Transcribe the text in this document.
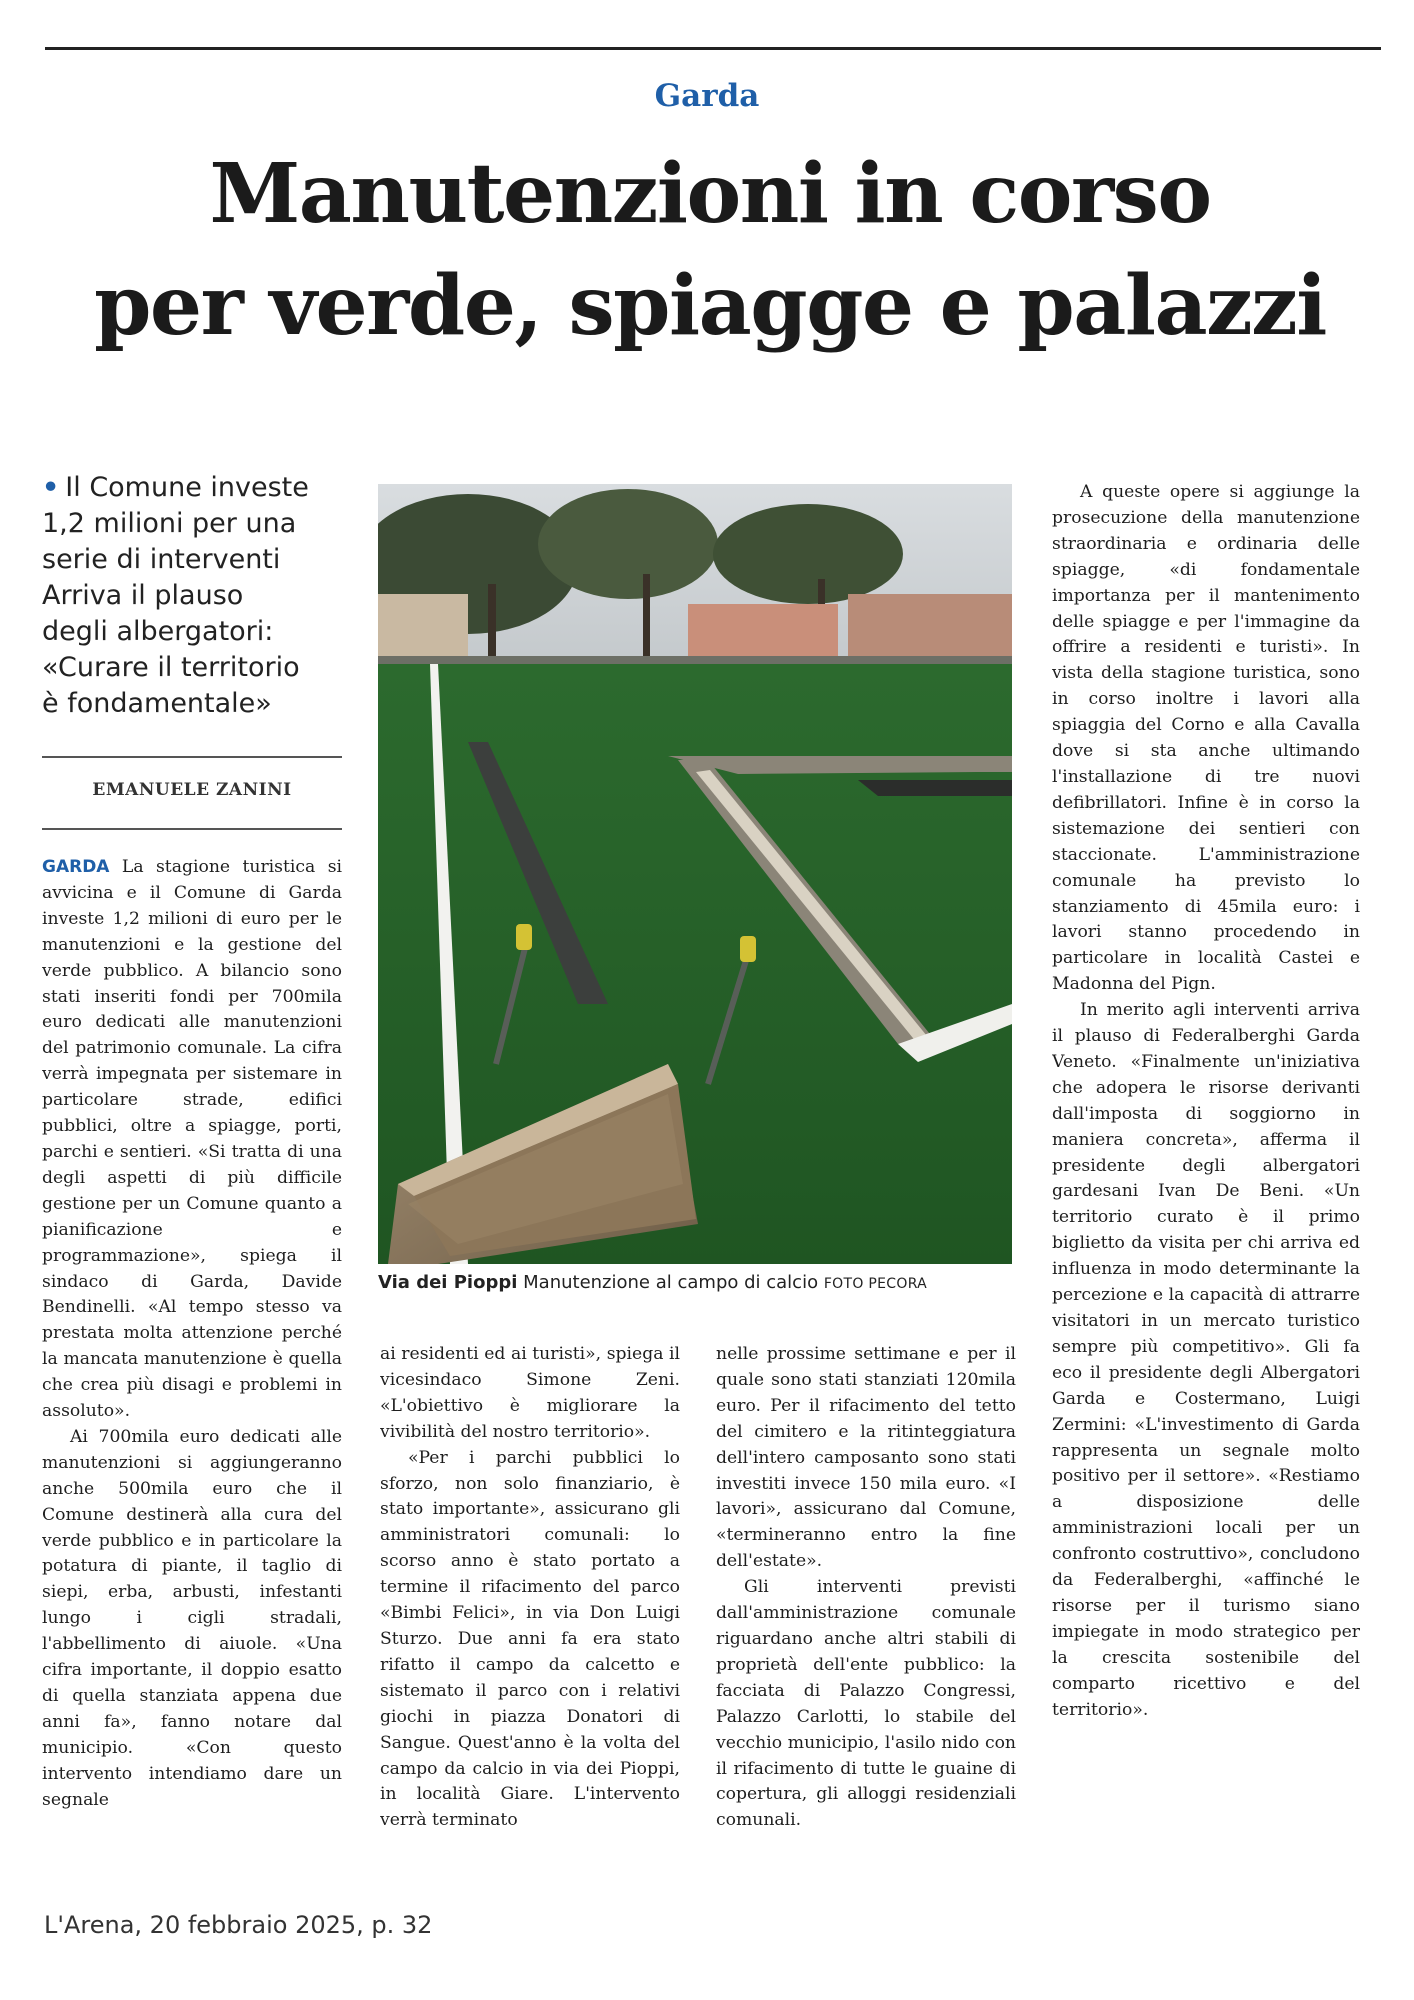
Garda
Manutenzioni in corso
per verde, spiagge e palazzi
• Il Comune investe
1,2 milioni per una
serie di interventi
Arriva il plauso
degli albergatori:
«Curare il territorio
è fondamentale»
EMANUELE ZANINI

GARDA La stagione turistica si avvicina e il Comune di Garda investe 1,2 milioni di euro per le manutenzioni e la gestione del verde pubblico. A bilancio sono stati inseriti fondi per 700mila euro dedicati alle manutenzioni del patrimonio comunale. La cifra verrà impegnata per sistemare in particolare strade, edifici pubblici, oltre a spiagge, porti, parchi e sentieri. «Si tratta di una degli aspetti di più difficile gestione per un Comune quanto a pianificazione e programmazione», spiega il sindaco di Garda, Davide Bendinelli. «Al tempo stesso va prestata molta attenzione perché la mancata manutenzione è quella che crea più disagi e problemi in assoluto».

Ai 700mila euro dedicati alle manutenzioni si aggiungeranno anche 500mila euro che il Comune destinerà alla cura del verde pubblico e in particolare la potatura di piante, il taglio di siepi, erba, arbusti, infestanti lungo i cigli stradali, l'abbellimento di aiuole. «Una cifra importante, il doppio esatto di quella stanziata appena due anni fa», fanno notare dal municipio. «Con questo intervento intendiamo dare un segnale

Via dei Pioppi Manutenzione al campo di calcio FOTO PECORA

ai residenti ed ai turisti», spiega il vicesindaco Simone Zeni. «L'obiettivo è migliorare la vivibilità del nostro territorio».

«Per i parchi pubblici lo sforzo, non solo finanziario, è stato importante», assicurano gli amministratori comunali: lo scorso anno è stato portato a termine il rifacimento del parco «Bimbi Felici», in via Don Luigi Sturzo. Due anni fa era stato rifatto il campo da calcetto e sistemato il parco con i relativi giochi in piazza Donatori di Sangue. Quest'anno è la volta del campo da calcio in via dei Pioppi, in località Giare. L'intervento verrà terminato

nelle prossime settimane e per il quale sono stati stanziati 120mila euro. Per il rifacimento del tetto del cimitero e la ritinteggiatura dell'intero camposanto sono stati investiti invece 150 mila euro. «I lavori», assicurano dal Comune, «termineranno entro la fine dell'estate».

Gli interventi previsti dall'amministrazione comunale riguardano anche altri stabili di proprietà dell'ente pubblico: la facciata di Palazzo Congressi, Palazzo Carlotti, lo stabile del vecchio municipio, l'asilo nido con il rifacimento di tutte le guaine di copertura, gli alloggi residenziali comunali.

A queste opere si aggiunge la prosecuzione della manutenzione straordinaria e ordinaria delle spiagge, «di fondamentale importanza per il mantenimento delle spiagge e per l'immagine da offrire a residenti e turisti». In vista della stagione turistica, sono in corso inoltre i lavori alla spiaggia del Corno e alla Cavalla dove si sta anche ultimando l'installazione di tre nuovi defibrillatori. Infine è in corso la sistemazione dei sentieri con staccionate. L'amministrazione comunale ha previsto lo stanziamento di 45mila euro: i lavori stanno procedendo in particolare in località Castei e Madonna del Pign.

In merito agli interventi arriva il plauso di Federalberghi Garda Veneto. «Finalmente un'iniziativa che adopera le risorse derivanti dall'imposta di soggiorno in maniera concreta», afferma il presidente degli albergatori gardesani Ivan De Beni. «Un territorio curato è il primo biglietto da visita per chi arriva ed influenza in modo determinante la percezione e la capacità di attrarre visitatori in un mercato turistico sempre più competitivo». Gli fa eco il presidente degli Albergatori Garda e Costermano, Luigi Zermini: «L'investimento di Garda rappresenta un segnale molto positivo per il settore». «Restiamo a disposizione delle amministrazioni locali per un confronto costruttivo», concludono da Federalberghi, «affinché le risorse per il turismo siano impiegate in modo strategico per la crescita sostenibile del comparto ricettivo e del territorio».

L'Arena, 20 febbraio 2025, p. 32
